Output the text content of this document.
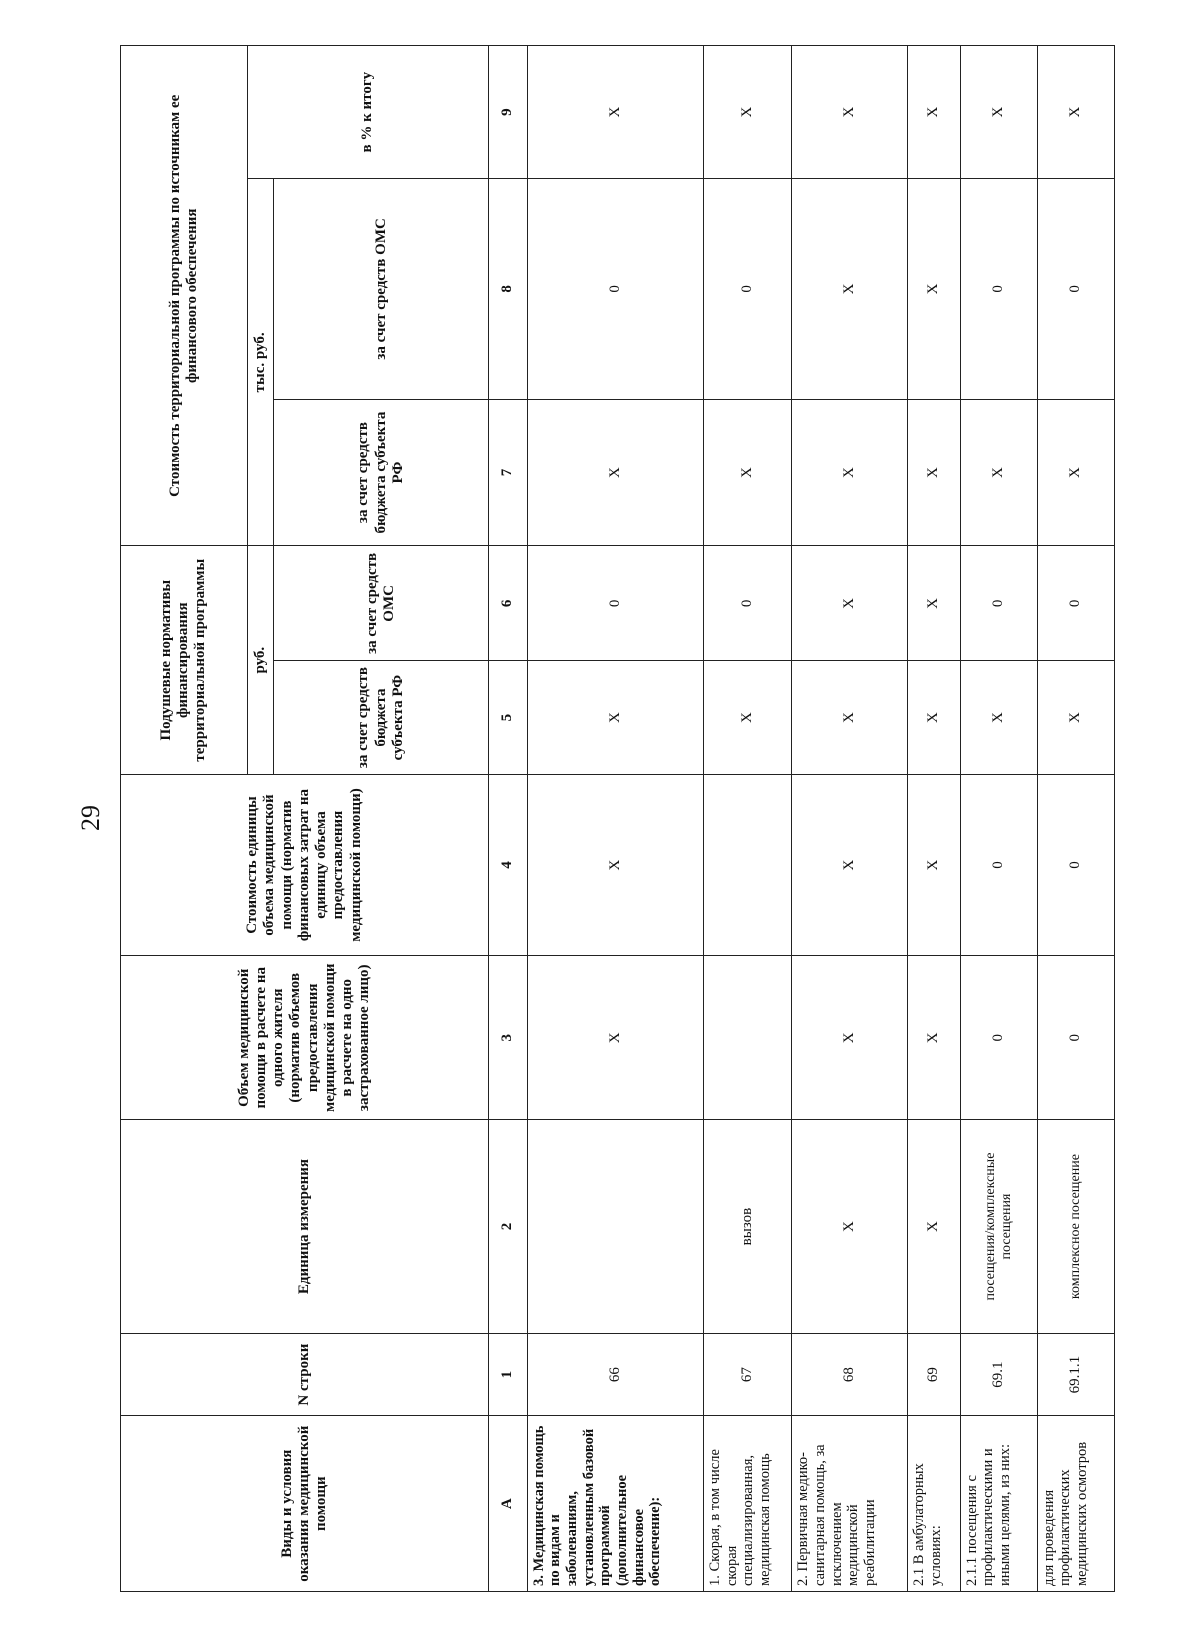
29
Виды и условия оказания медицинской помощи	N строки	Единица измерения	Объем медицинской помощи в расчете на одного жителя (норматив объемов предоставления медицинской помощи в расчете на одно застрахованное лицо)	Стоимость единицы объема медицинской помощи (норматив финансовых затрат на единицу объема предоставления медицинской помощи)	Подушевые нормативы финансирования территориальной программы		Стоимость территориальной программы по источникам ее финансового обеспечения		
					руб.		тыс. руб.		в % к итогу
					за счет средств бюджета субъекта РФ	за счет средств ОМС	за счет средств бюджета субъекта РФ	за счет средств ОМС	
А	1	2	3	4	5	6	7	8	9
3. Медицинская помощь по видам и заболеваниям, установленным базовой программой (дополнительное финансовое обеспечение):	66		X	X	X	0	X	0	X
1. Скорая, в том числе скорая специализированная, медицинская помощь	67	вызов			X	0	X	0	X
2. Первичная медико-санитарная помощь, за исключением медицинской реабилитации	68	X	X	X	X	X	X	X	X
2.1 В амбулаторных условиях:	69	X	X	X	X	X	X	X	X
2.1.1 посещения с профилактическими и иными целями, из них:	69.1	посещения/комплексные посещения	0	0	X	0	X	0	X
для проведения профилактических медицинских осмотров	69.1.1	комплексное посещение	0	0	X	0	X	0	X
